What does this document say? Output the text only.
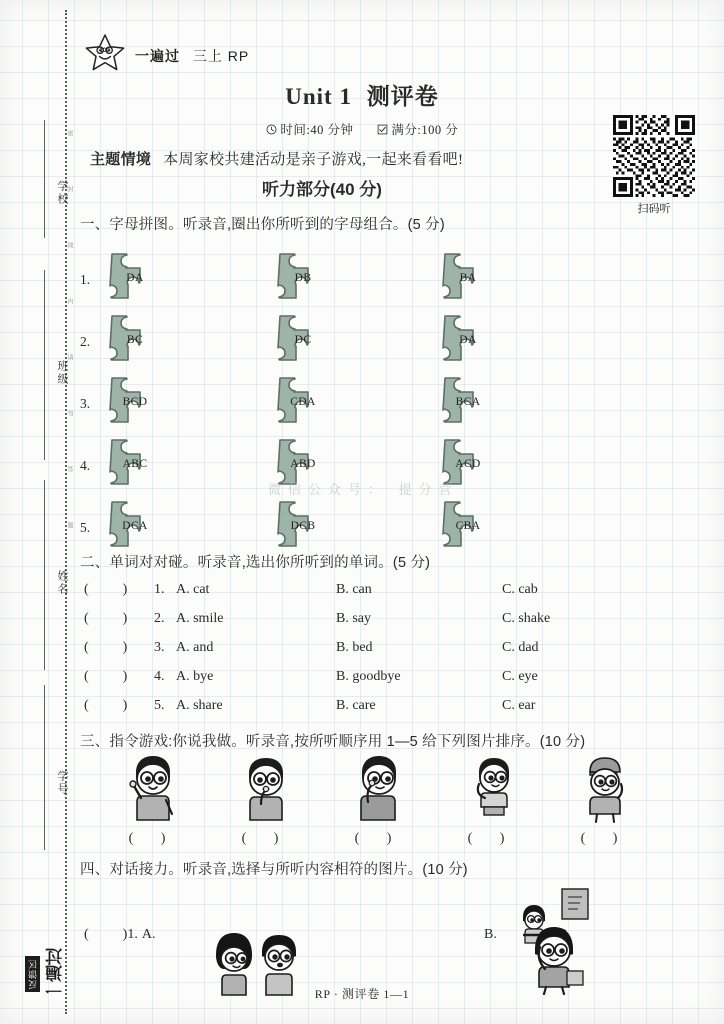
学校
班级
姓名
学号
密 封 线 内 请 勿 答 题
一遍过
反馈区
100 一遍过 三上 RP
Unit 1 测评卷
时间:40 分钟	满分:100 分
主题情境 本周家校共建活动是亲子游戏,一起来看看吧!
听力部分(40 分)
扫码听
一、字母拼图。听录音,圈出你所听到的字母组合。(5 分)
1.	DA	DB	BA
2.	BC	DC	DA
3.	BCD	CDA	BCA
4.	ABC	ABD	ACD
5.	DCA	DCB	CBA
微信公众号： 提分营
二、单词对对碰。听录音,选出你所听到的单词。(5 分)
( ) 1. A. cat	B. can	C. cab
( ) 2. A. smile	B. say	C. shake
( ) 3. A. and	B. bed	C. dad
( ) 4. A. bye	B. goodbye	C. eye
( ) 5. A. share	B. care	C. ear
三、指令游戏:你说我做。听录音,按所听顺序用 1—5 给下列图片排序。(10 分)
( )	( )	( )	( )	( )
四、对话接力。听录音,选择与所听内容相符的图片。(10 分)
( )1. A.	B.
RP · 测评卷 1—1
